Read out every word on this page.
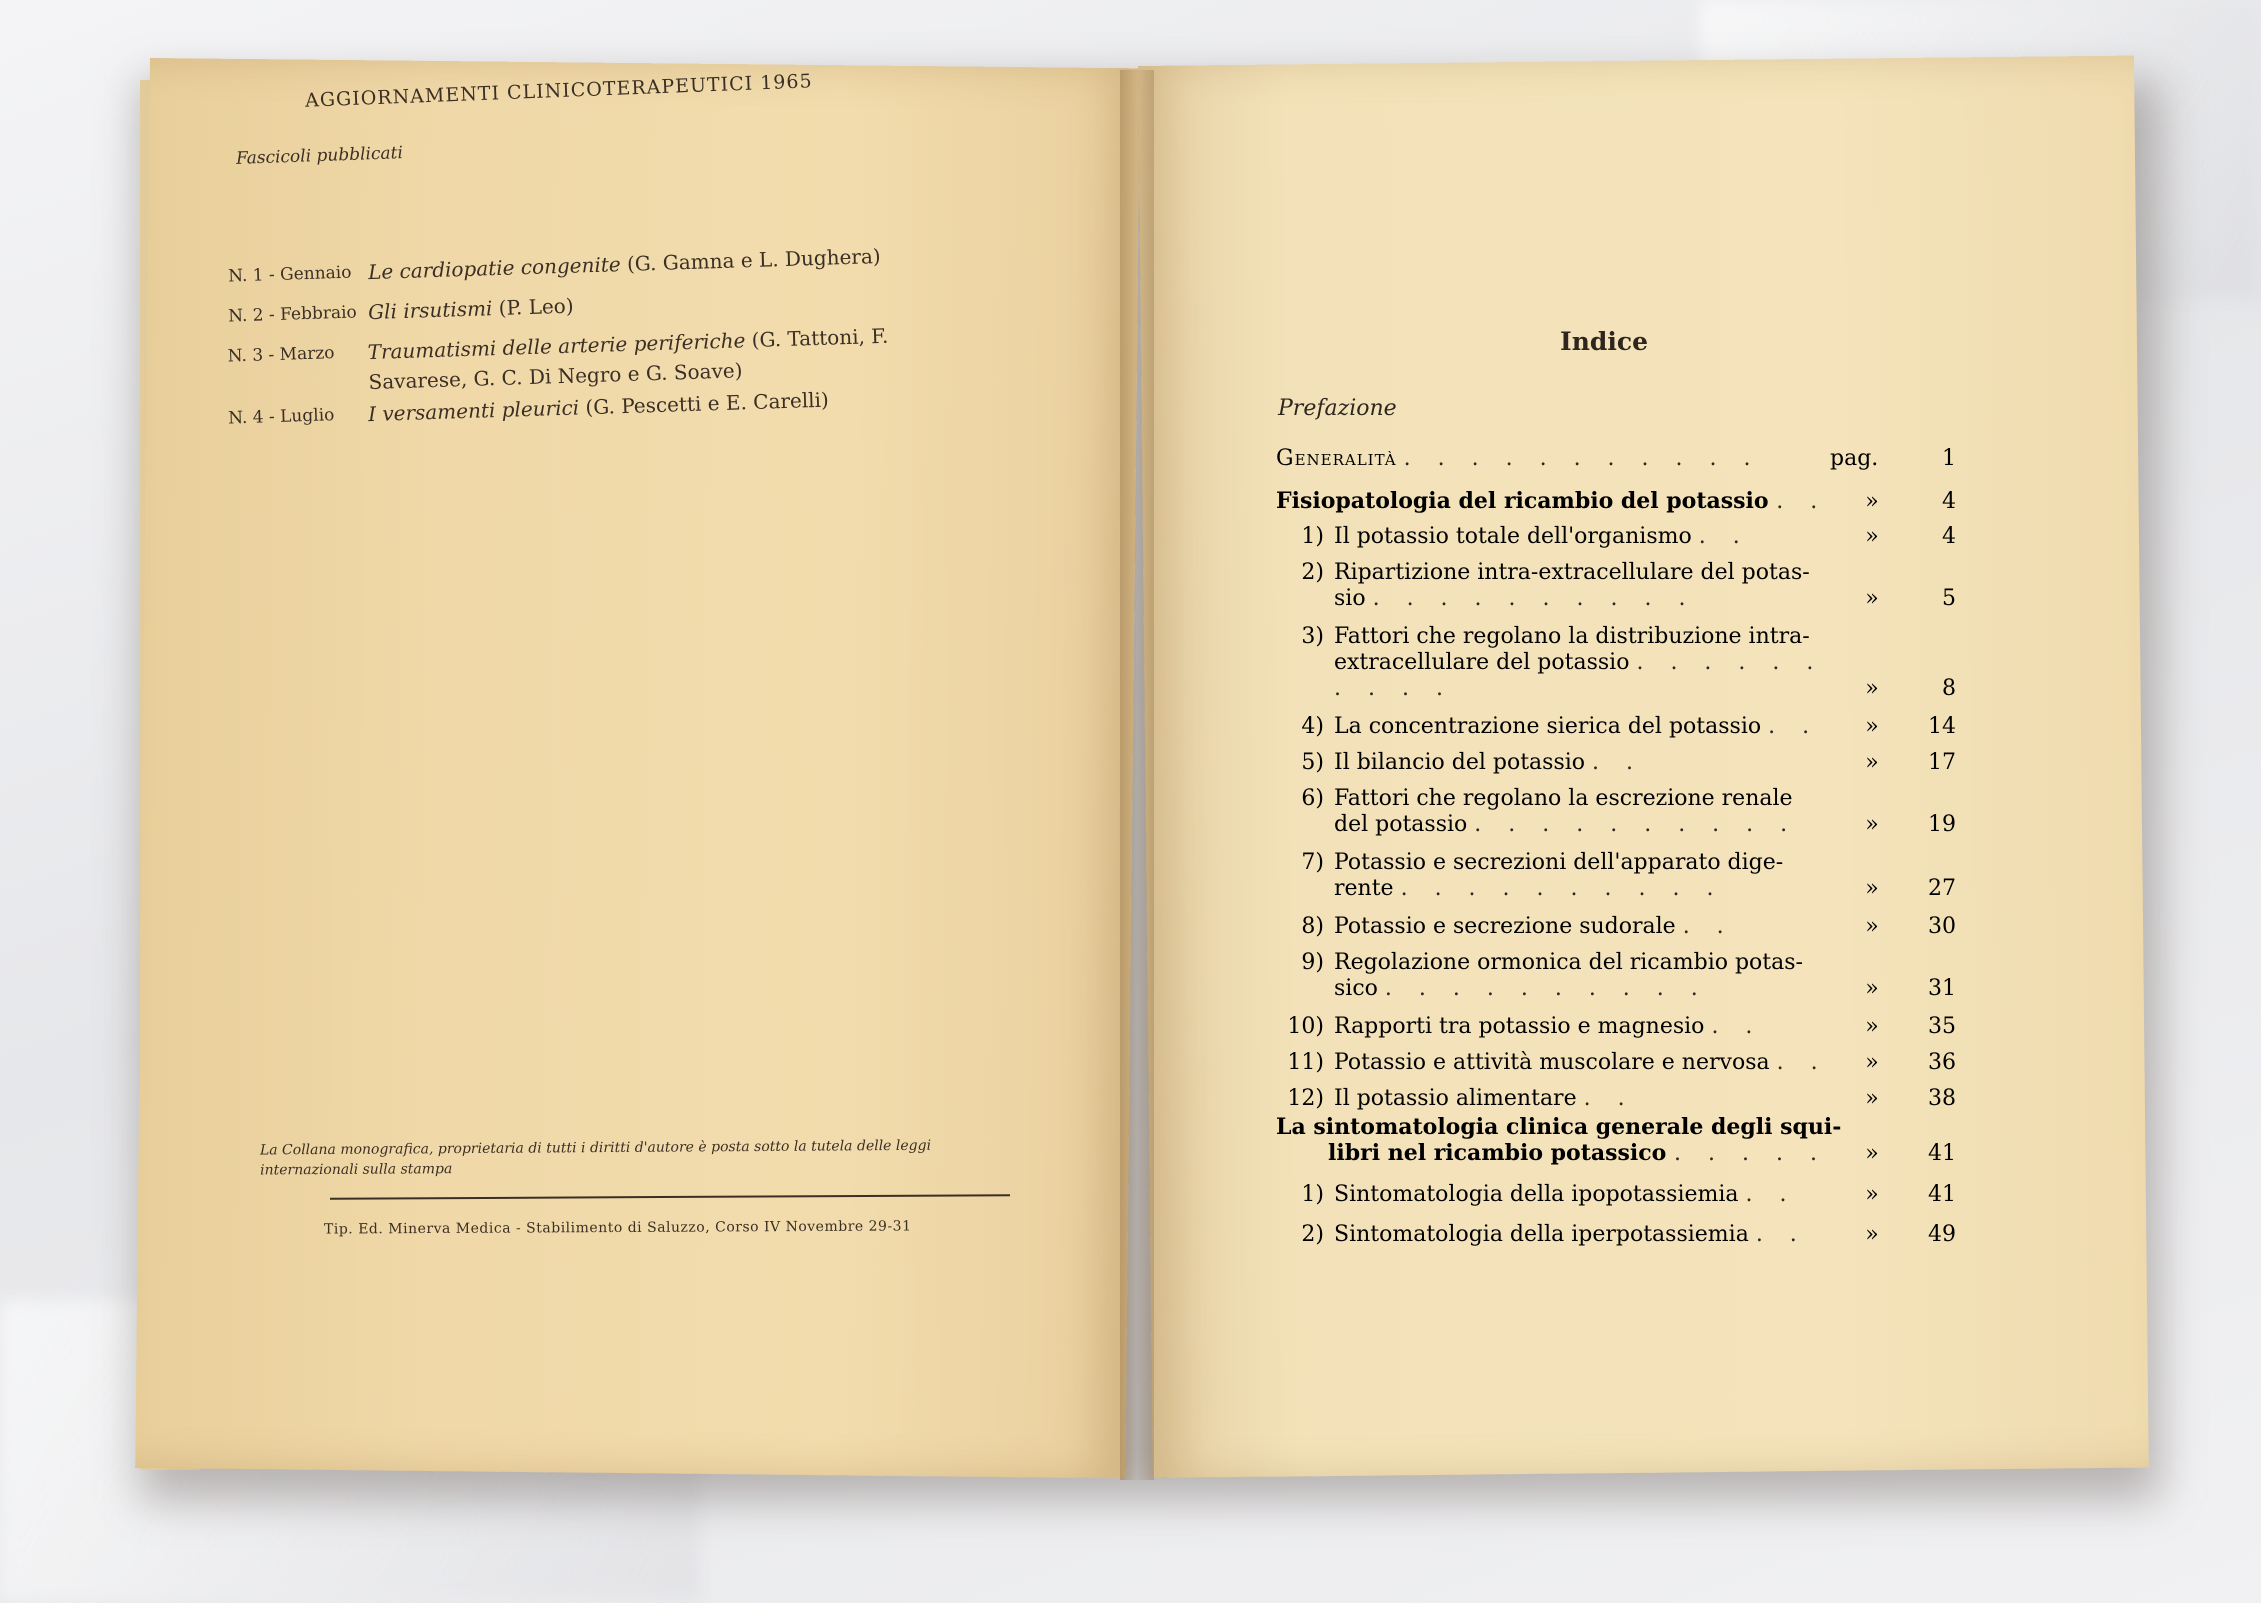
AGGIORNAMENTI CLINICOTERAPEUTICI 1965
Fascicoli pubblicati
N. 1 - Gennaio Le cardiopatie congenite (G. Gamna e L. Dughera)
N. 2 - Febbraio Gli irsutismi (P. Leo)
N. 3 - Marzo Traumatismi delle arterie periferiche (G. Tattoni, F. Savarese, G. C. Di Negro e G. Soave)
N. 4 - Luglio I versamenti pleurici (G. Pescetti e E. Carelli)
La Collana monografica, proprietaria di tutti i diritti d'autore è posta sotto la tutela delle leggi internazionali sulla stampa
Tip. Ed. Minerva Medica - Stabilimento di Saluzzo, Corso IV Novembre 29-31
Indice
Prefazione
Generalità . . . . . . . . . . .	pag.	1
Fisiopatologia del ricambio del potassio . .	»	4
1) Il potassio totale dell'organismo . .	»	4
2) Ripartizione intra-extracellulare del potas-
sio . . . . . . . . . .	»	5
3) Fattori che regolano la distribuzione intra-
extracellulare del potassio . . . . . . . . . .	»	8
4) La concentrazione sierica del potassio . .	»	14
5) Il bilancio del potassio . .	»	17
6) Fattori che regolano la escrezione renale
del potassio . . . . . . . . . .	»	19
7) Potassio e secrezioni dell'apparato dige-
rente . . . . . . . . . .	»	27
8) Potassio e secrezione sudorale . .	»	30
9) Regolazione ormonica del ricambio potas-
sico . . . . . . . . . .	»	31
10) Rapporti tra potassio e magnesio . .	»	35
11) Potassio e attività muscolare e nervosa . .	»	36
12) Il potassio alimentare . .	»	38
La sintomatologia clinica generale degli squi-
libri nel ricambio potassico . . . . .	»	41
1) Sintomatologia della ipopotassiemia . .	»	41
2) Sintomatologia della iperpotassiemia . .	»	49
